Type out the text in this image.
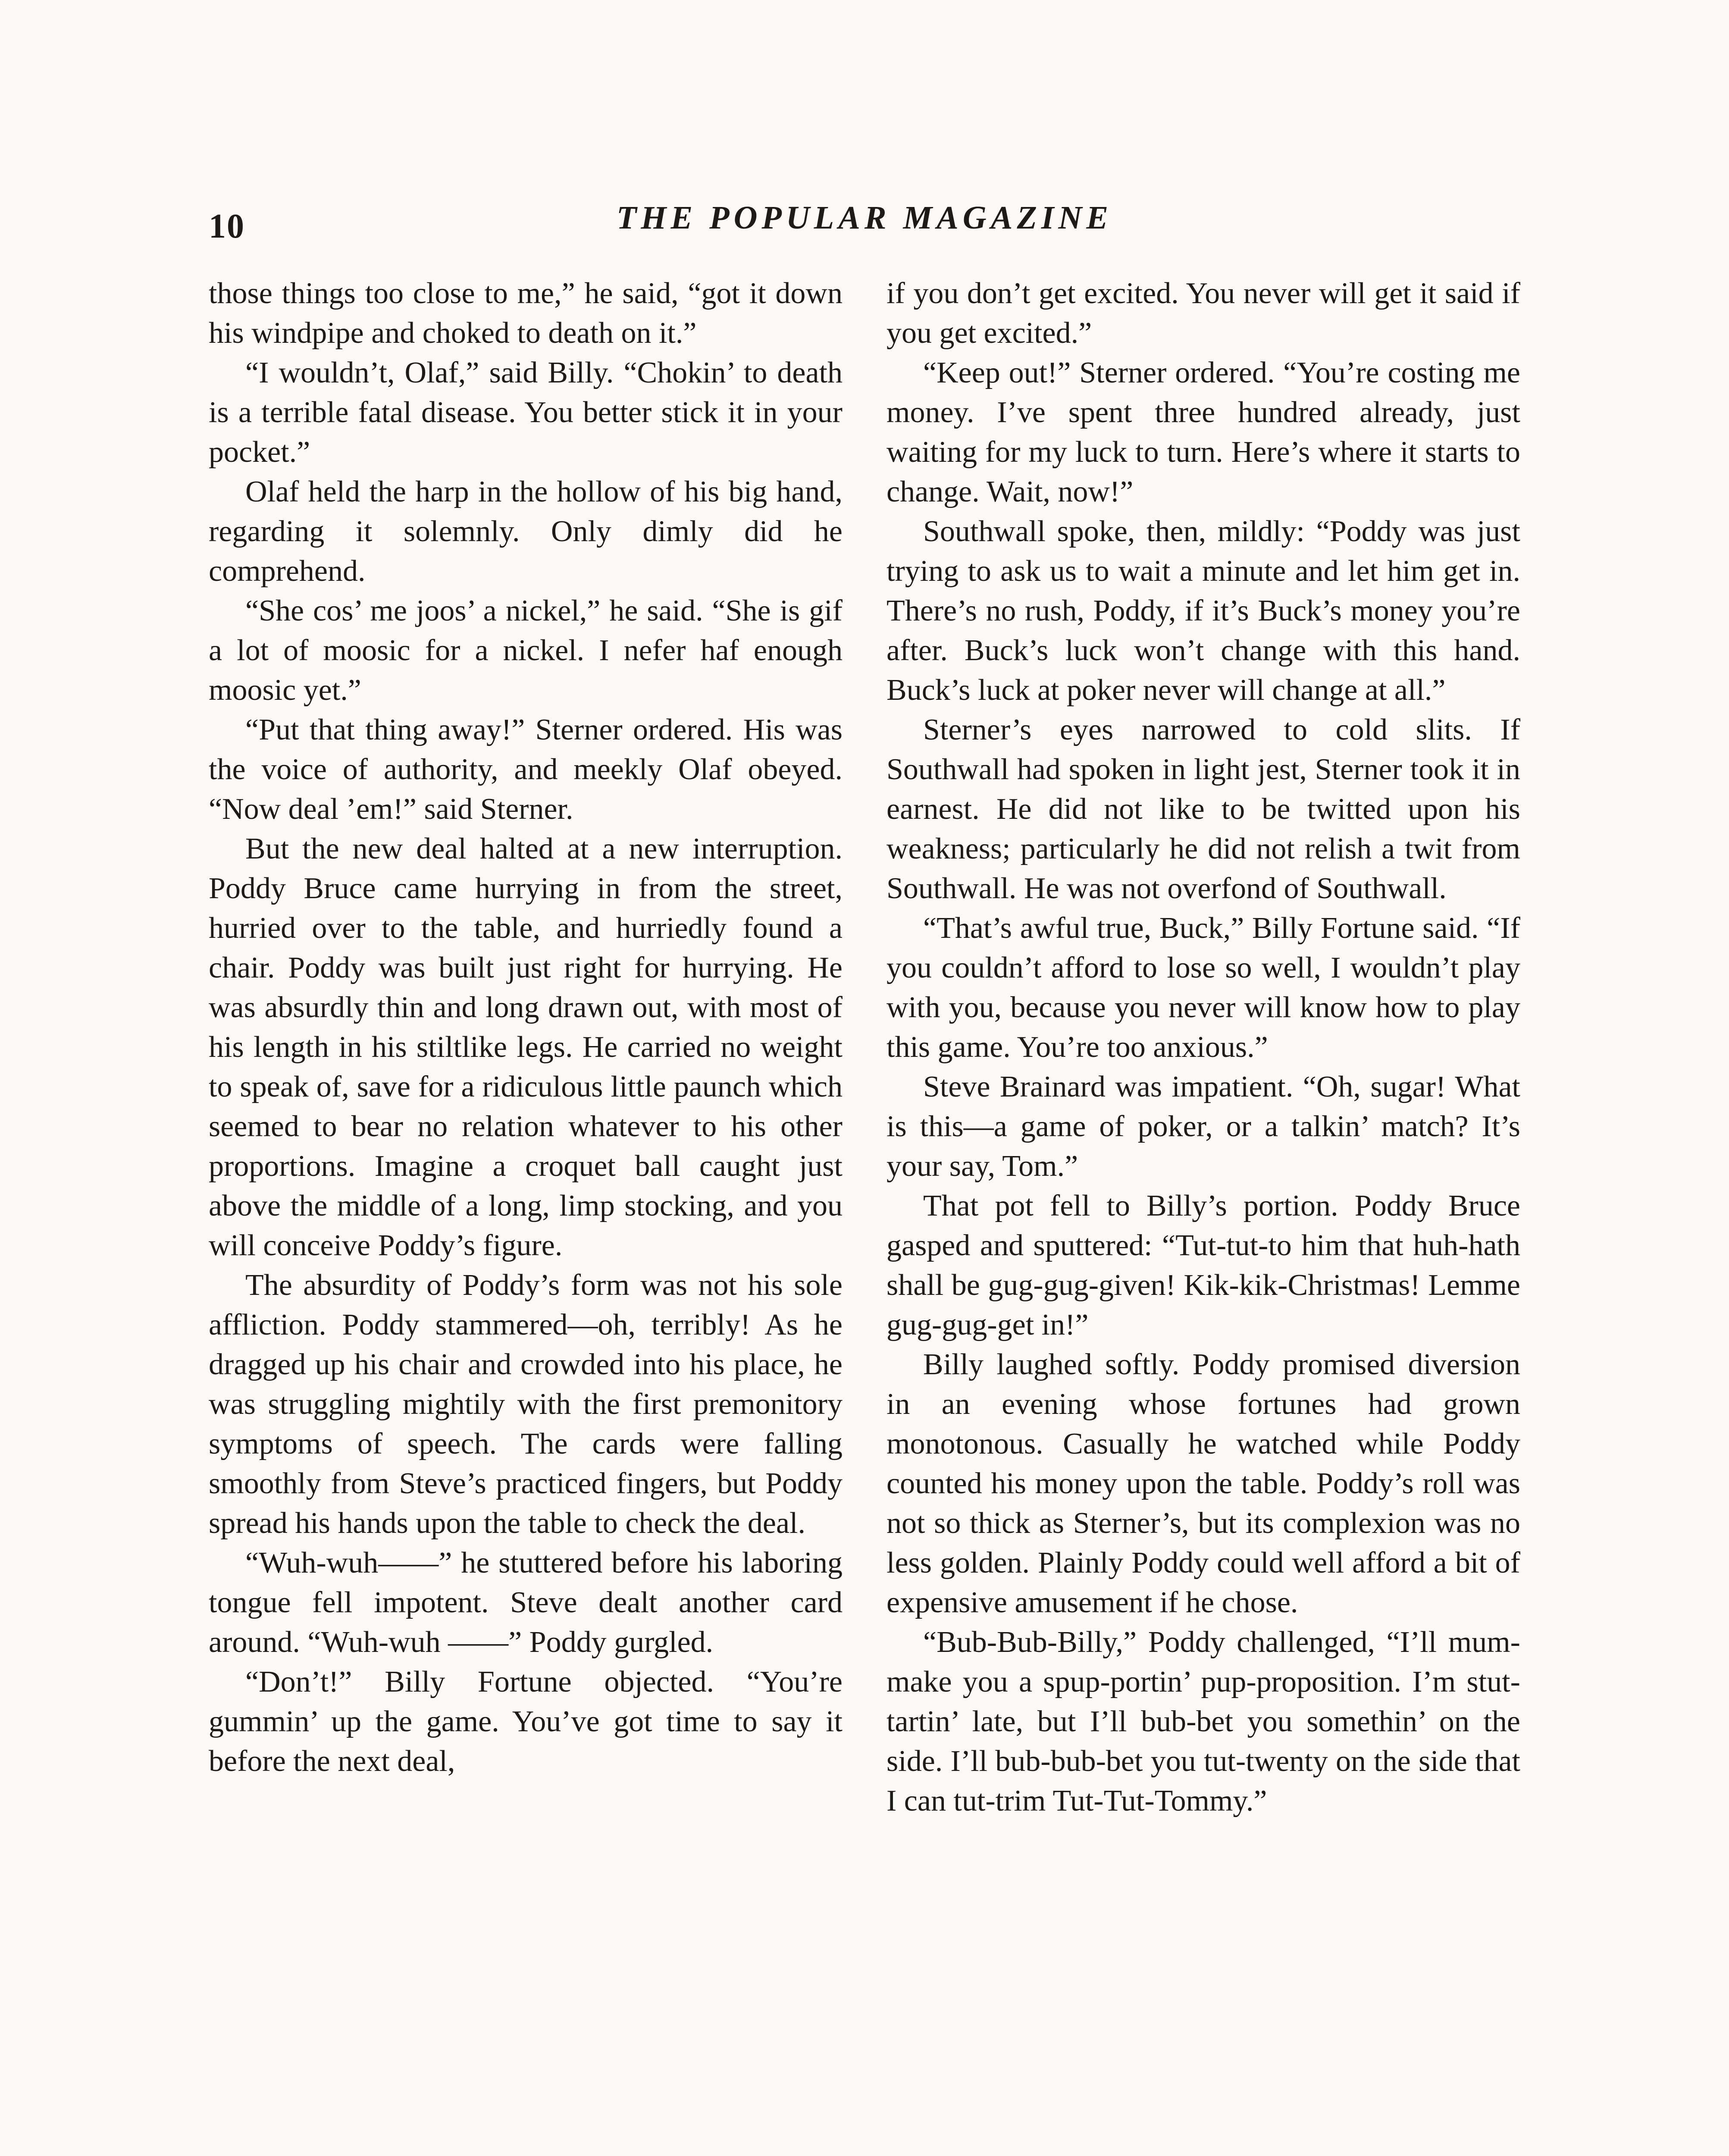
10	THE POPULAR MAGAZINE

those things too close to me,” he said, “got it down his windpipe and choked to death on it.”

“I wouldn’t, Olaf,” said Billy. “Chokin’ to death is a terrible fatal disease. You better stick it in your pocket.”

Olaf held the harp in the hollow of his big hand, regarding it solemnly. Only dimly did he comprehend.

“She cos’ me joos’ a nickel,” he said. “She is gif a lot of moosic for a nickel. I nefer haf enough moosic yet.”

“Put that thing away!” Sterner ordered. His was the voice of authority, and meekly Olaf obeyed. “Now deal ’em!” said Sterner.

But the new deal halted at a new interruption. Poddy Bruce came hurrying in from the street, hurried over to the table, and hurriedly found a chair. Poddy was built just right for hurrying. He was absurdly thin and long drawn out, with most of his length in his stiltlike legs. He carried no weight to speak of, save for a ridiculous little paunch which seemed to bear no relation whatever to his other proportions. Imagine a croquet ball caught just above the middle of a long, limp stocking, and you will conceive Poddy’s figure.

The absurdity of Poddy’s form was not his sole affliction. Poddy stammered—oh, terribly! As he dragged up his chair and crowded into his place, he was struggling mightily with the first premonitory symptoms of speech. The cards were falling smoothly from Steve’s practiced fingers, but Poddy spread his hands upon the table to check the deal.

“Wuh-wuh——” he stuttered before his laboring tongue fell impotent. Steve dealt another card around. “Wuh-wuh ——” Poddy gurgled.

“Don’t!” Billy Fortune objected. “You’re gummin’ up the game. You’ve got time to say it before the next deal,

if you don’t get excited. You never will get it said if you get excited.”

“Keep out!” Sterner ordered. “You’re costing me money. I’ve spent three hundred already, just waiting for my luck to turn. Here’s where it starts to change. Wait, now!”

Southwall spoke, then, mildly: “Poddy was just trying to ask us to wait a minute and let him get in. There’s no rush, Poddy, if it’s Buck’s money you’re after. Buck’s luck won’t change with this hand. Buck’s luck at poker never will change at all.”

Sterner’s eyes narrowed to cold slits. If Southwall had spoken in light jest, Sterner took it in earnest. He did not like to be twitted upon his weakness; particularly he did not relish a twit from Southwall. He was not overfond of Southwall.

“That’s awful true, Buck,” Billy Fortune said. “If you couldn’t afford to lose so well, I wouldn’t play with you, because you never will know how to play this game. You’re too anxious.”

Steve Brainard was impatient. “Oh, sugar! What is this—a game of poker, or a talkin’ match? It’s your say, Tom.”

That pot fell to Billy’s portion. Poddy Bruce gasped and sputtered: “Tut-tut-to him that huh-hath shall be gug-gug-given! Kik-kik-Christmas! Lemme gug-gug-get in!”

Billy laughed softly. Poddy promised diversion in an evening whose fortunes had grown monotonous. Casually he watched while Poddy counted his money upon the table. Poddy’s roll was not so thick as Sterner’s, but its complexion was no less golden. Plainly Poddy could well afford a bit of expensive amusement if he chose.

“Bub-Bub-Billy,” Poddy challenged, “I’ll mum-make you a spup-portin’ pup-proposition. I’m stut-tartin’ late, but I’ll bub-bet you somethin’ on the side. I’ll bub-bub-bet you tut-twenty on the side that I can tut-trim Tut-Tut-Tommy.”
